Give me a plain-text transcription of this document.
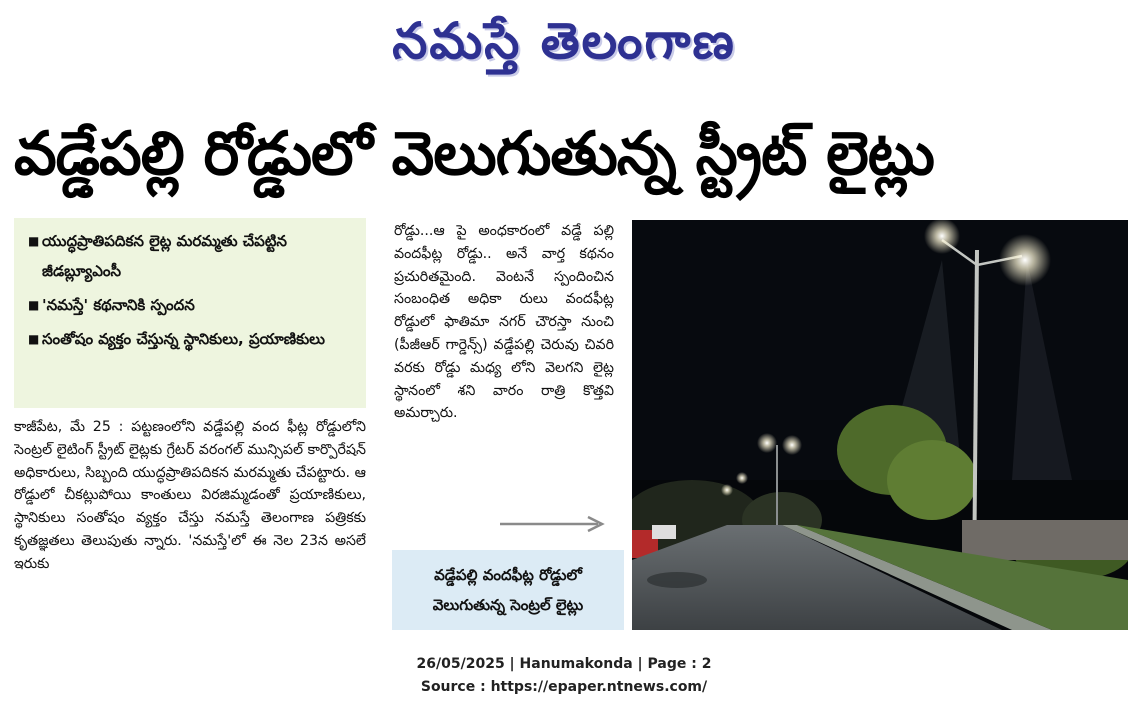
నమస్తే తెలంగాణ
వడ్డేపల్లి రోడ్డులో వెలుగుతున్న స్ట్రీట్ లైట్లు
■ యుద్ధప్రాతిపదికన లైట్ల మరమ్మతు చేపట్టిన జీడబ్ల్యూఎంసీ
■ 'నమస్తే' కథనానికి స్పందన
■ సంతోషం వ్యక్తం చేస్తున్న స్థానికులు, ప్రయాణికులు
కాజీపేట, మే 25 : పట్టణంలోని వడ్డేపల్లి వంద ఫీట్ల రోడ్డులోని సెంట్రల్ లైటింగ్ స్ట్రీట్ లైట్లకు గ్రేటర్ వరంగల్ మున్సిపల్ కార్పొరేషన్ అధికారులు, సిబ్బంది యుద్ధప్రాతిపదికన మరమ్మతు చేపట్టారు. ఆ రోడ్డులో చీకట్లుపోయి కాంతులు విరజిమ్మడంతో ప్రయాణికులు, స్థానికులు సంతోషం వ్యక్తం చేస్తు నమస్తే తెలంగాణ పత్రికకు కృతజ్ఞతలు తెలుపుతు న్నారు. 'నమస్తే'లో ఈ నెల 23న అసలే ఇరుకు
రోడ్డు...ఆ పై అంధకారంలో వడ్డే పల్లి వందఫీట్ల రోడ్డు.. అనే వార్త కథనం ప్రచురితమైంది. వెంటనే స్పందించిన సంబంధిత అధికా రులు వందఫీట్ల రోడ్డులో ఫాతిమా నగర్ చౌరస్తా నుంచి (పీజీఆర్ గార్డెన్స్) వడ్డేపల్లి చెరువు చివరి వరకు రోడ్డు మధ్య లోని వెలగని లైట్ల స్థానంలో శని వారం రాత్రి కొత్తవి అమర్చారు.
వడ్డేపల్లి వందఫీట్ల రోడ్డులో
వెలుగుతున్న సెంట్రల్ లైట్లు
26/05/2025 | Hanumakonda | Page : 2
Source : https://epaper.ntnews.com/
